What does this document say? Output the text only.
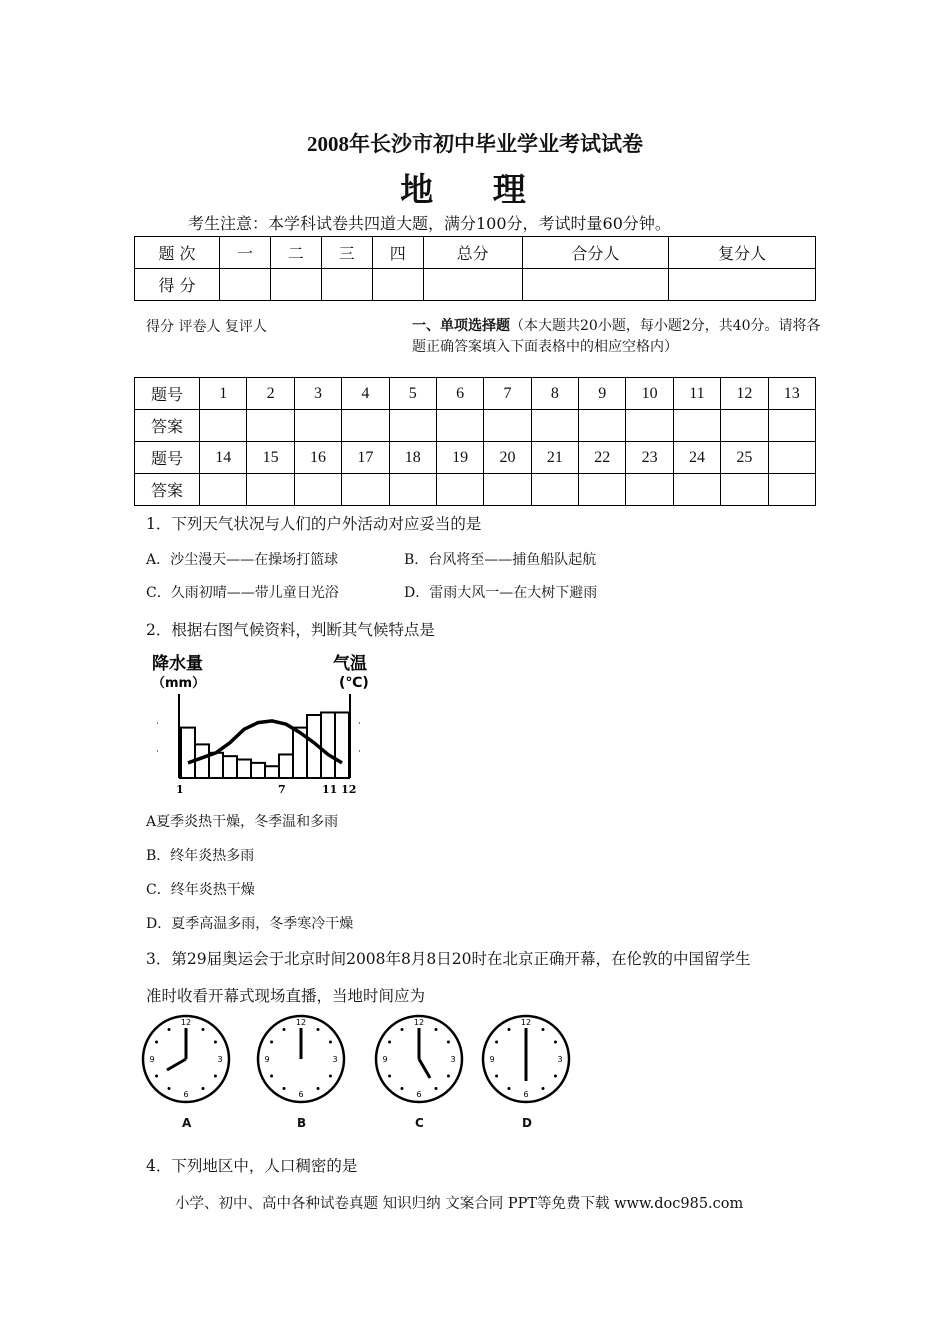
2008年长沙市初中毕业学业考试试卷
地 理
考生注意：本学科试卷共四道大题，满分100分，考试时量60分钟。
题 次	一	二	三	四	总分	合分人	复分人
得 分							
得分 评卷人 复评人	一、单项选择题（本大题共20小题，每小题2分，共40分。请将各题正确答案填入下面表格中的相应空格内）
题号	1	2	3	4	5	6	7	8	9	10	11	12	13
答案													
题号	14	15	16	17	18	19	20	21	22	23	24	25	
答案													
1．下列天气状况与人们的户外活动对应妥当的是
A．沙尘漫天——在操场打篮球	B．台风将至——捕鱼船队起航
C．久雨初晴——带儿童日光浴	D．雷雨大风一—在大树下避雨
2．根据右图气候资料，判断其气候特点是
降水量
（mm）
气温
(℃)
·
·
·
·
1	7	11 12
A夏季炎热干燥，冬季温和多雨
B．终年炎热多雨
C．终年炎热干燥
D．夏季高温多雨，冬季寒冷干燥
3．第29届奥运会于北京时间2008年8月8日20时在北京正确开幕，在伦敦的中国留学生
准时收看开幕式现场直播，当地时间应为
12
3
6
9
A
12
3
6
9
B
12
3
6
9
C
12
3
6
9
D
4．下列地区中，人口稠密的是
小学、初中、高中各种试卷真题 知识归纳 文案合同 PPT等免费下载 www.doc985.com
